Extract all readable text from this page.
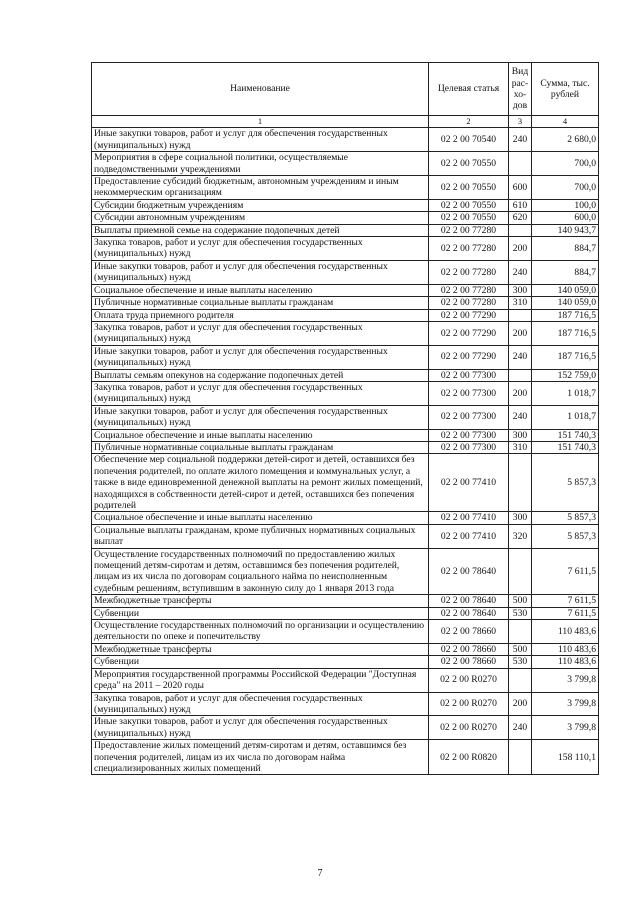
Наименование	Целевая статья	Вид рас-хо-дов	Сумма, тыс. рублей
1	2	3	4
Иные закупки товаров, работ и услуг для обеспечения государственных (муниципальных) нужд	02 2 00 70540	240	2 680,0
Мероприятия в сфере социальной политики, осуществляемые подведомственными учреждениями	02 2 00 70550		700,0
Предоставление субсидий бюджетным, автономным учреждениям и иным некоммерческим организациям	02 2 00 70550	600	700,0
Субсидии бюджетным учреждениям	02 2 00 70550	610	100,0
Субсидии автономным учреждениям	02 2 00 70550	620	600,0
Выплаты приемной семье на содержание подопечных детей	02 2 00 77280		140 943,7
Закупка товаров, работ и услуг для обеспечения государственных (муниципальных) нужд	02 2 00 77280	200	884,7
Иные закупки товаров, работ и услуг для обеспечения государственных (муниципальных) нужд	02 2 00 77280	240	884,7
Социальное обеспечение и иные выплаты населению	02 2 00 77280	300	140 059,0
Публичные нормативные социальные выплаты гражданам	02 2 00 77280	310	140 059,0
Оплата труда приемного родителя	02 2 00 77290		187 716,5
Закупка товаров, работ и услуг для обеспечения государственных (муниципальных) нужд	02 2 00 77290	200	187 716,5
Иные закупки товаров, работ и услуг для обеспечения государственных (муниципальных) нужд	02 2 00 77290	240	187 716,5
Выплаты семьям опекунов на содержание подопечных детей	02 2 00 77300		152 759,0
Закупка товаров, работ и услуг для обеспечения государственных (муниципальных) нужд	02 2 00 77300	200	1 018,7
Иные закупки товаров, работ и услуг для обеспечения государственных (муниципальных) нужд	02 2 00 77300	240	1 018,7
Социальное обеспечение и иные выплаты населению	02 2 00 77300	300	151 740,3
Публичные нормативные социальные выплаты гражданам	02 2 00 77300	310	151 740,3
Обеспечение мер социальной поддержки детей-сирот и детей, оставшихся без попечения родителей, по оплате жилого помещения и коммунальных услуг, а также в виде единовременной денежной выплаты на ремонт жилых помещений, находящихся в собственности детей-сирот и детей, оставшихся без попечения родителей	02 2 00 77410		5 857,3
Социальное обеспечение и иные выплаты населению	02 2 00 77410	300	5 857,3
Социальные выплаты гражданам, кроме публичных нормативных социальных выплат	02 2 00 77410	320	5 857,3
Осуществление государственных полномочий по предоставлению жилых помещений детям-сиротам и детям, оставшимся без попечения родителей, лицам из их числа по договорам социального найма по неисполненным судебным решениям, вступившим в законную силу до 1 января 2013 года	02 2 00 78640		7 611,5
Межбюджетные трансферты	02 2 00 78640	500	7 611,5
Субвенции	02 2 00 78640	530	7 611,5
Осуществление государственных полномочий по организации и осуществлению деятельности по опеке и попечительству	02 2 00 78660		110 483,6
Межбюджетные трансферты	02 2 00 78660	500	110 483,6
Субвенции	02 2 00 78660	530	110 483,6
Мероприятия государственной программы Российской Федерации "Доступная среда" на 2011 – 2020 годы	02 2 00 R0270		3 799,8
Закупка товаров, работ и услуг для обеспечения государственных (муниципальных) нужд	02 2 00 R0270	200	3 799,8
Иные закупки товаров, работ и услуг для обеспечения государственных (муниципальных) нужд	02 2 00 R0270	240	3 799,8
Предоставление жилых помещений детям-сиротам и детям, оставшимся без попечения родителей, лицам из их числа по договорам найма специализированных жилых помещений	02 2 00 R0820		158 110,1
7
